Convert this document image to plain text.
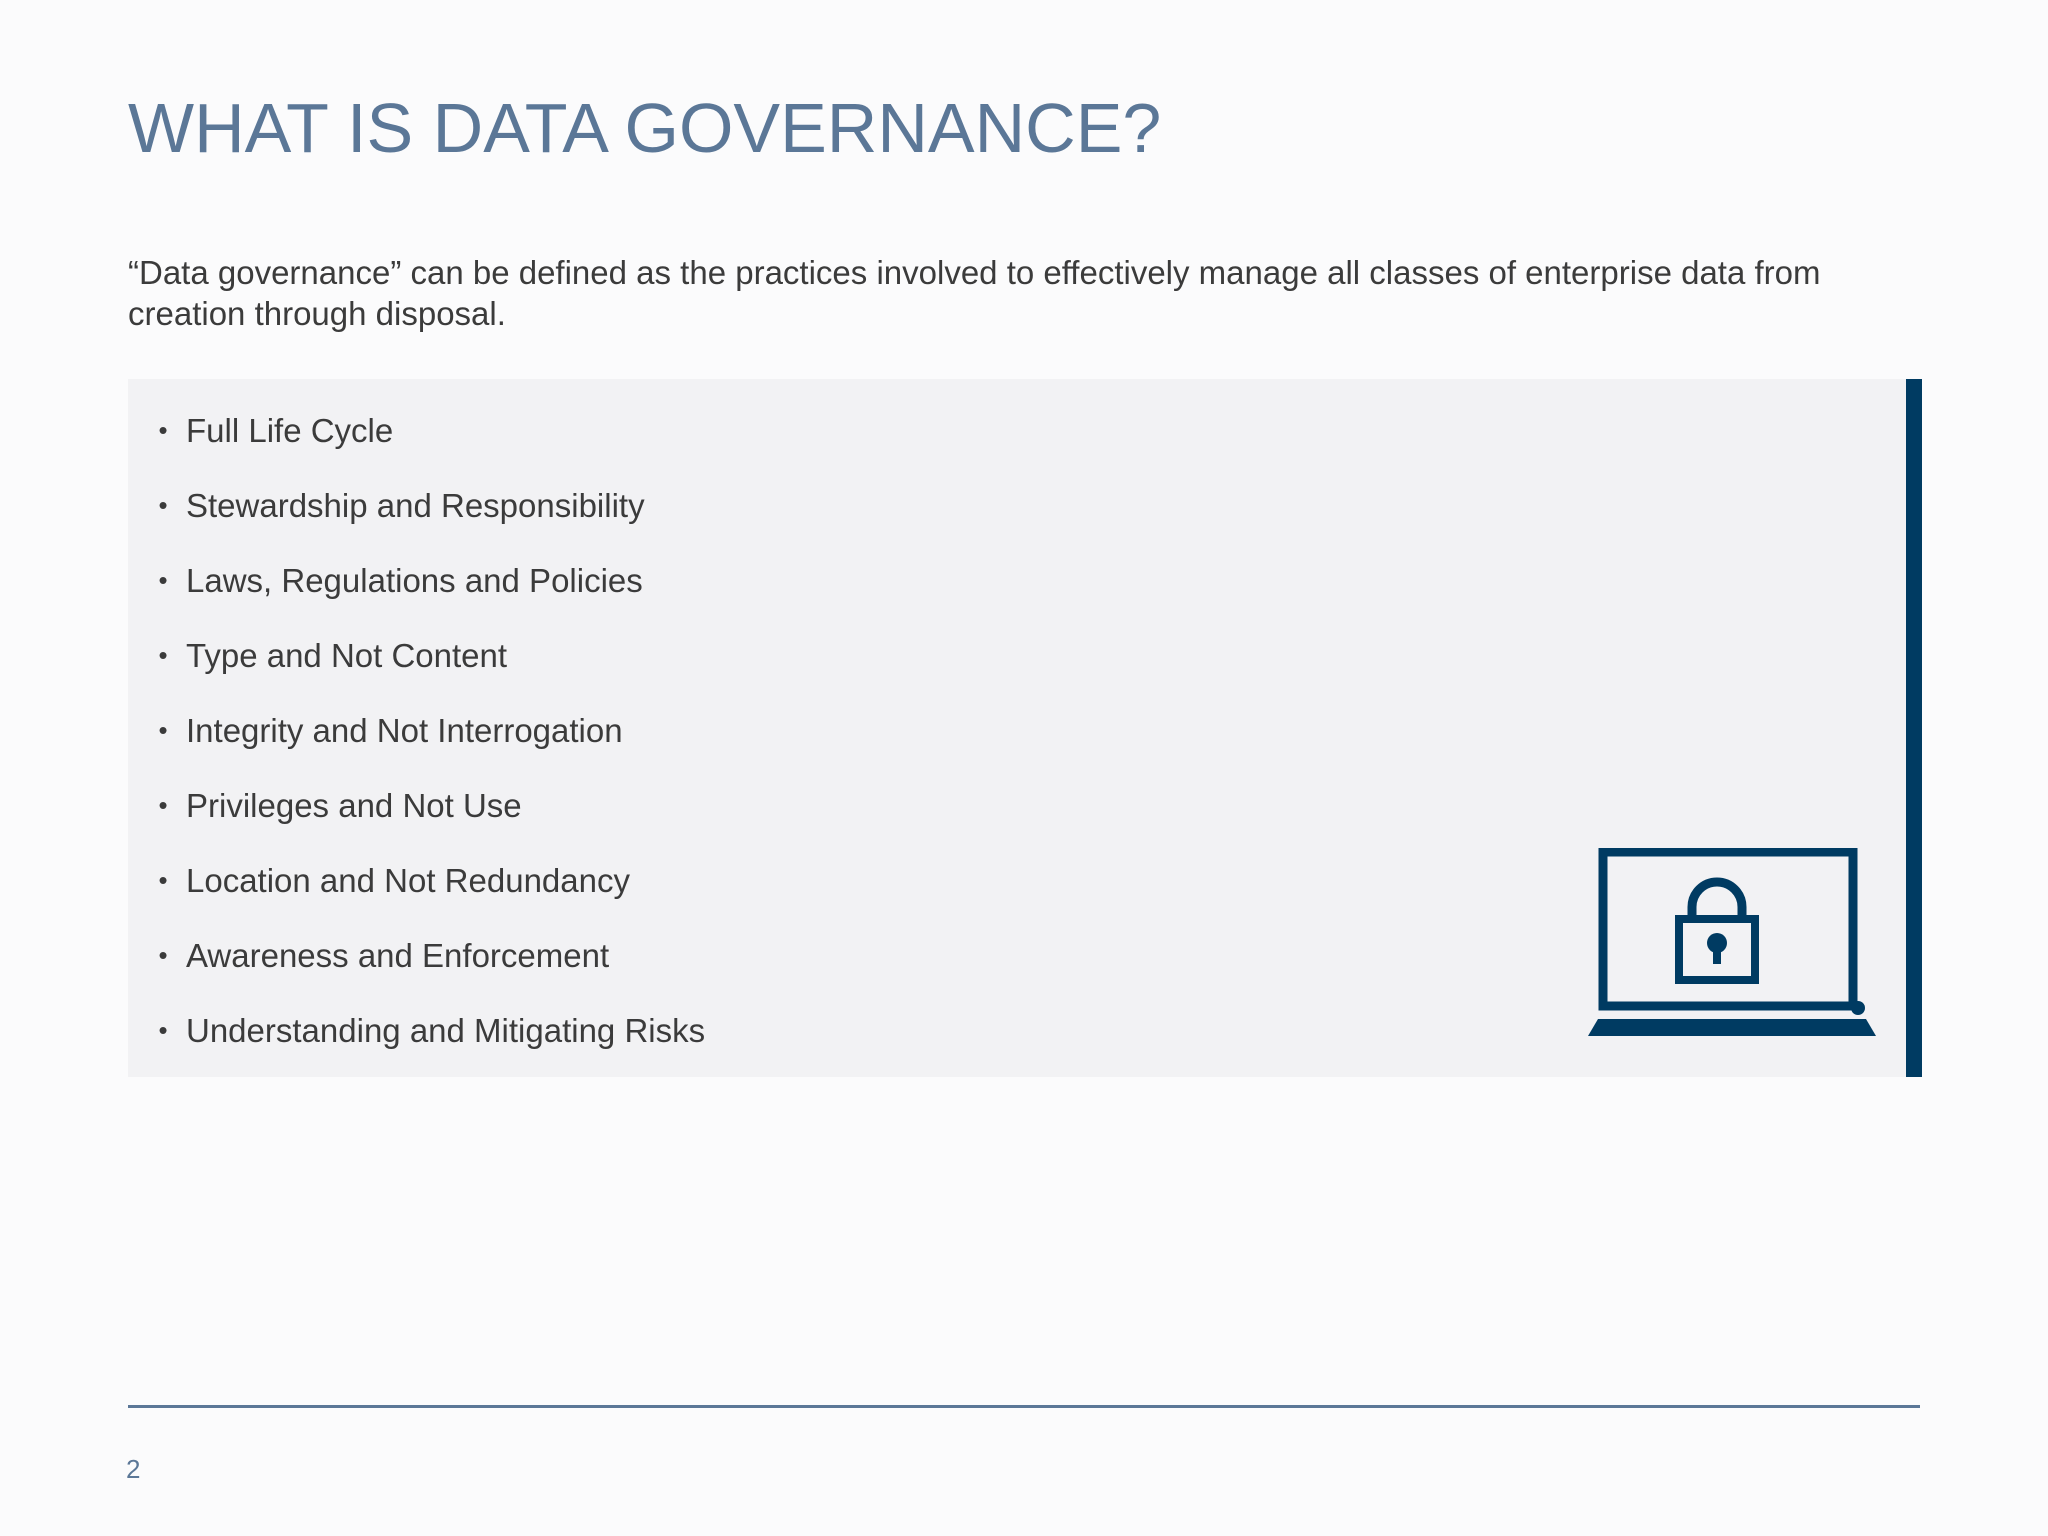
WHAT IS DATA GOVERNANCE?

“Data governance” can be defined as the practices involved to effectively manage all classes of enterprise data from creation through disposal.

• Full Life Cycle
• Stewardship and Responsibility
• Laws, Regulations and Policies
• Type and Not Content
• Integrity and Not Interrogation
• Privileges and Not Use
• Location and Not Redundancy
• Awareness and Enforcement
• Understanding and Mitigating Risks
2
